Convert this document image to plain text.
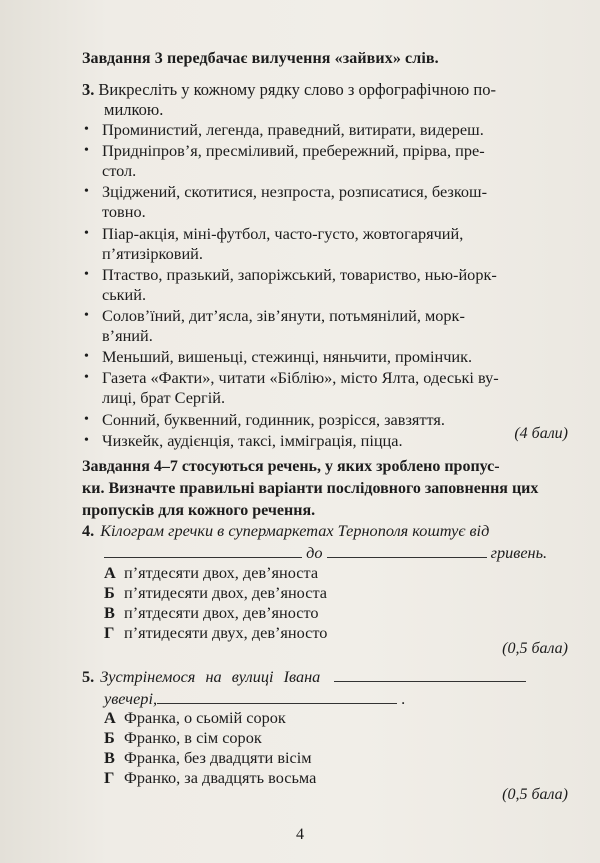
Завдання 3 передбачає вилучення «зайвих» слів.
3. Викресліть у кожному рядку слово з орфографічною по-
милкою.
• Проминистий, легенда, праведний, витирати, видереш.
• Придніпров’я, пресміливий, пребережний, прірва, пре-
стол.
• Зціджений, скотитися, незпроста, розписатися, безкош-
товно.
• Піар-акція, міні-футбол, часто-густо, жовтогарячий,
п’ятизірковий.
• Птаство, празький, запоріжський, товариство, нью-йорк-
ський.
• Солов’їний, дит’ясла, зів’янути, потьмянілий, морк-
в’яний.
• Меньший, вишеньці, стежинці, няньчити, промінчик.
• Газета «Факти», читати «Біблію», місто Ялта, одеські ву-
лиці, брат Сергій.
• Сонний, буквенний, годинник, розрісся, завзяття.
• Чизкейк, аудієнція, таксі, імміграція, піцца.	(4 бали)
Завдання 4–7 стосуються речень, у яких зроблено пропус-
ки. Визначте правильні варіанти послідовного заповнення цих
пропусків для кожного речення.
4. Кілограм гречки в супермаркетах Тернополя коштує від
до	гривень.
А п’ятдесяти двох, дев’яноста
Б п’ятидесяти двох, дев’яноста
В п’ятдесяти двох, дев’яносто
Г п’ятидесяти двух, дев’яносто
(0,5 бала)
5. Зустрінемося на вулиці Івана
увечері,	.
А Франка, о сьомій сорок
Б Франко, в сім сорок
В Франка, без двадцяти вісім
Г Франко, за двадцять восьма
(0,5 бала)
4
